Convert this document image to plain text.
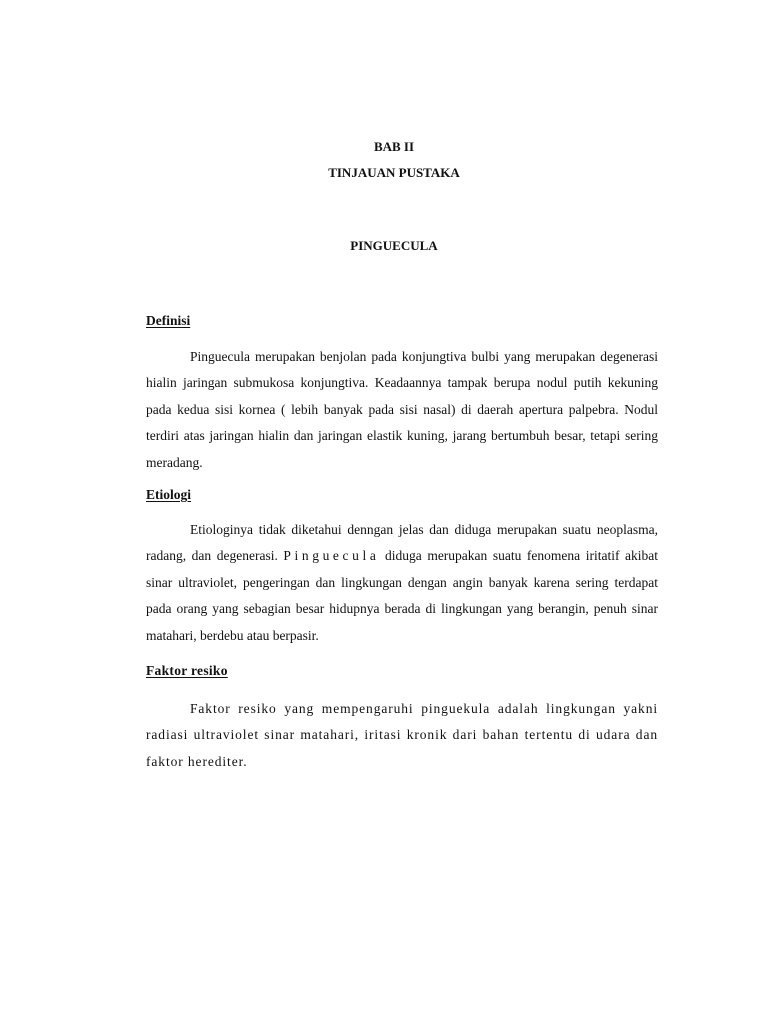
BAB II
TINJAUAN PUSTAKA
PINGUECULA
Definisi

Pinguecula merupakan benjolan pada konjungtiva bulbi yang merupakan degenerasi hialin jaringan submukosa konjungtiva. Keadaannya tampak berupa nodul putih kekuning pada kedua sisi kornea ( lebih banyak pada sisi nasal) di daerah apertura palpebra. Nodul terdiri atas jaringan hialin dan jaringan elastik kuning, jarang bertumbuh besar, tetapi sering meradang.

Etiologi

Etiologinya tidak diketahui denngan jelas dan diduga merupakan suatu neoplasma, radang, dan degenerasi. Pinguecula diduga merupakan suatu fenomena iritatif akibat sinar ultraviolet, pengeringan dan lingkungan dengan angin banyak karena sering terdapat pada orang yang sebagian besar hidupnya berada di lingkungan yang berangin, penuh sinar matahari, berdebu atau berpasir.

Faktor resiko

Faktor resiko yang mempengaruhi pinguekula adalah lingkungan yakni radiasi ultraviolet sinar matahari, iritasi kronik dari bahan tertentu di udara dan faktor herediter.
